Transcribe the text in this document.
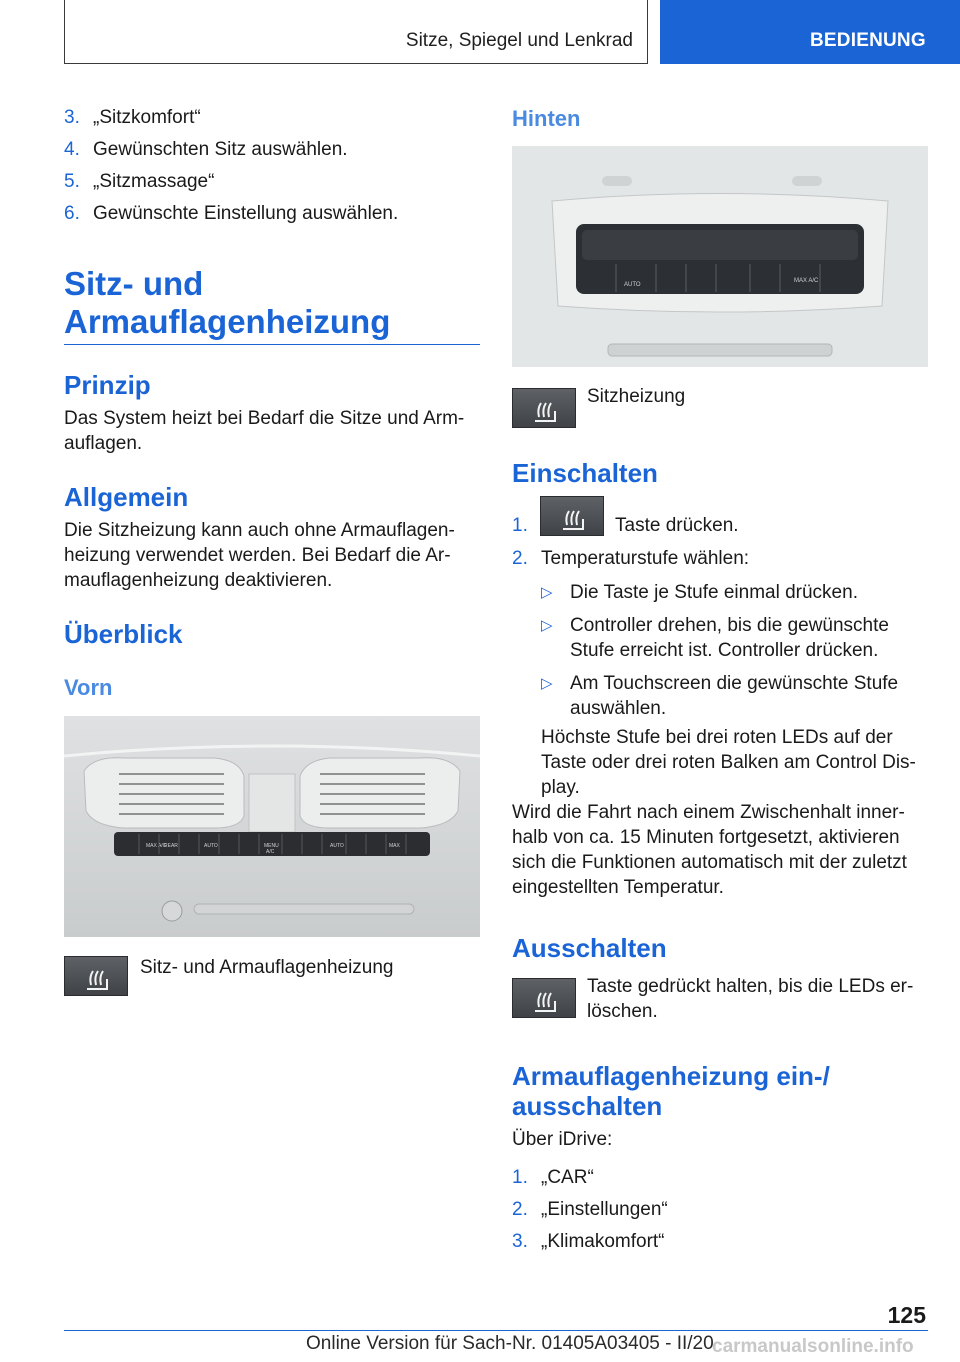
Sitze, Spiegel und Lenkrad	BEDIENUNG
3. „Sitzkomfort“
4. Gewünschten Sitz auswählen.
5. „Sitzmassage“
6. Gewünschte Einstellung auswählen.
Sitz- und
Armauflagenheizung
Prinzip

Das System heizt bei Bedarf die Sitze und Arm-
auflagen.

Allgemein

Die Sitzheizung kann auch ohne Armauflagen-
heizung verwendet werden. Bei Bedarf die Ar-
mauflagenheizung deaktivieren.

Überblick
Vorn
MAX A/C
REAR	AUTO	MENU
A/C
AUTO	MAX

Sitz- und Armauflagenheizung

Hinten
AUTO
MAX A/C

Sitzheizung

Einschalten
1.	Taste drücken.
2. Temperaturstufe wählen:
▷ Die Taste je Stufe einmal drücken.
▷ Controller drehen, bis die gewünschte
Stufe erreicht ist. Controller drücken.
▷ Am Touchscreen die gewünschte Stufe
auswählen.

Höchste Stufe bei drei roten LEDs auf der
Taste oder drei roten Balken am Control Dis-
play.

Wird die Fahrt nach einem Zwischenhalt inner-
halb von ca. 15 Minuten fortgesetzt, aktivieren
sich die Funktionen automatisch mit der zuletzt
eingestellten Temperatur.

Ausschalten

Taste gedrückt halten, bis die LEDs er-
löschen.

Armauflagenheizung ein-/
ausschalten

Über iDrive:

1. „CAR“
2. „Einstellungen“
3. „Klimakomfort“
125
Online Version für Sach-Nr. 01405A03405 - II/20
carmanualsonline.info
